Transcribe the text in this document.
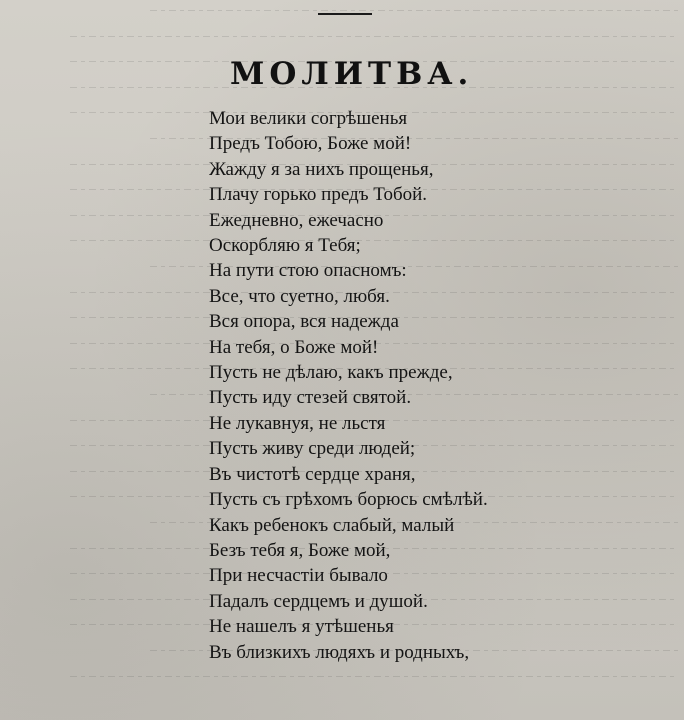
МОЛИТВА.
Мои велики согрѣшенья
Предъ Тобою, Боже мой!
Жажду я за нихъ прощенья,
Плачу горько предъ Тобой.
Ежедневно, ежечасно
Оскорбляю я Тебя;
На пути стою опасномъ:
Все, что суетно, любя.
Вся опора, вся надежда
На тебя, о Боже мой!
Пусть не дѣлаю, какъ прежде,
Пусть иду стезей святой.
Не лукавнуя, не льстя
Пусть живу среди людей;
Въ чистотѣ сердце храня,
Пусть съ грѣхомъ борюсь смѣлѣй.
Какъ ребенокъ слабый, малый
Безъ тебя я, Боже мой,
При несчастіи бывало
Падалъ сердцемъ и душой.
Не нашелъ я утѣшенья
Въ близкихъ людяхъ и родныхъ,
